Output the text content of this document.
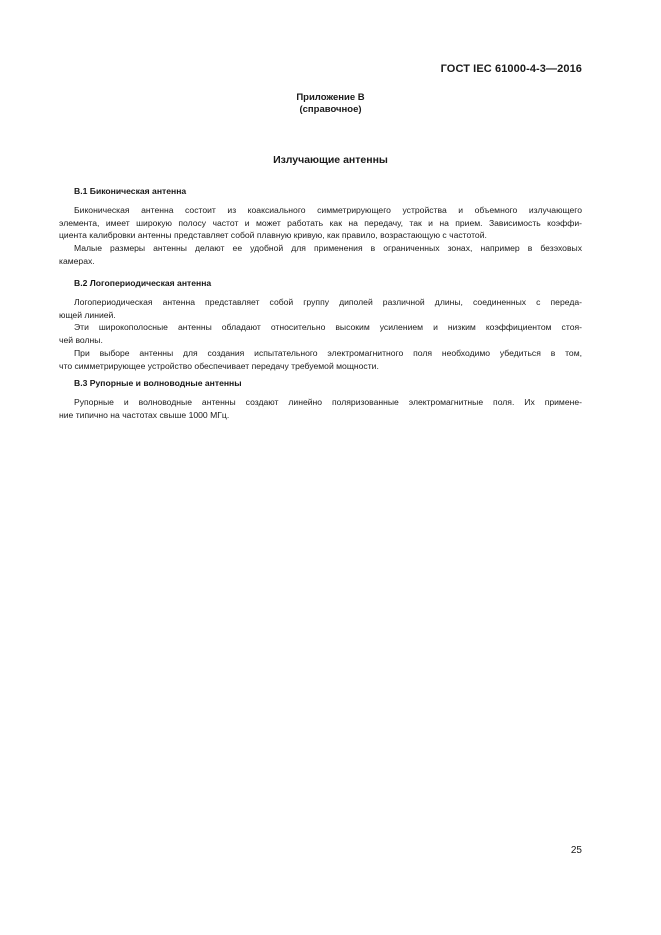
ГОСТ IEC 61000-4-3—2016
Приложение В
(справочное)
Излучающие антенны
В.1 Биконическая антенна
Биконическая антенна состоит из коаксиального симметрирующего устройства и объемного излучающего
элемента, имеет широкую полосу частот и может работать как на передачу, так и на прием. Зависимость коэффи-
циента калибровки антенны представляет собой плавную кривую, как правило, возрастающую с частотой.
Малые размеры антенны делают ее удобной для применения в ограниченных зонах, например в безэховых
камерах.
В.2 Логопериодическая антенна
Логопериодическая антенна представляет собой группу диполей различной длины, соединенных с переда-
ющей линией.
Эти широкополосные антенны обладают относительно высоким усилением и низким коэффициентом стоя-
чей волны.
При выборе антенны для создания испытательного электромагнитного поля необходимо убедиться в том,
что симметрирующее устройство обеспечивает передачу требуемой мощности.
В.3 Рупорные и волноводные антенны
Рупорные и волноводные антенны создают линейно поляризованные электромагнитные поля. Их примене-
ние типично на частотах свыше 1000 МГц.
25
